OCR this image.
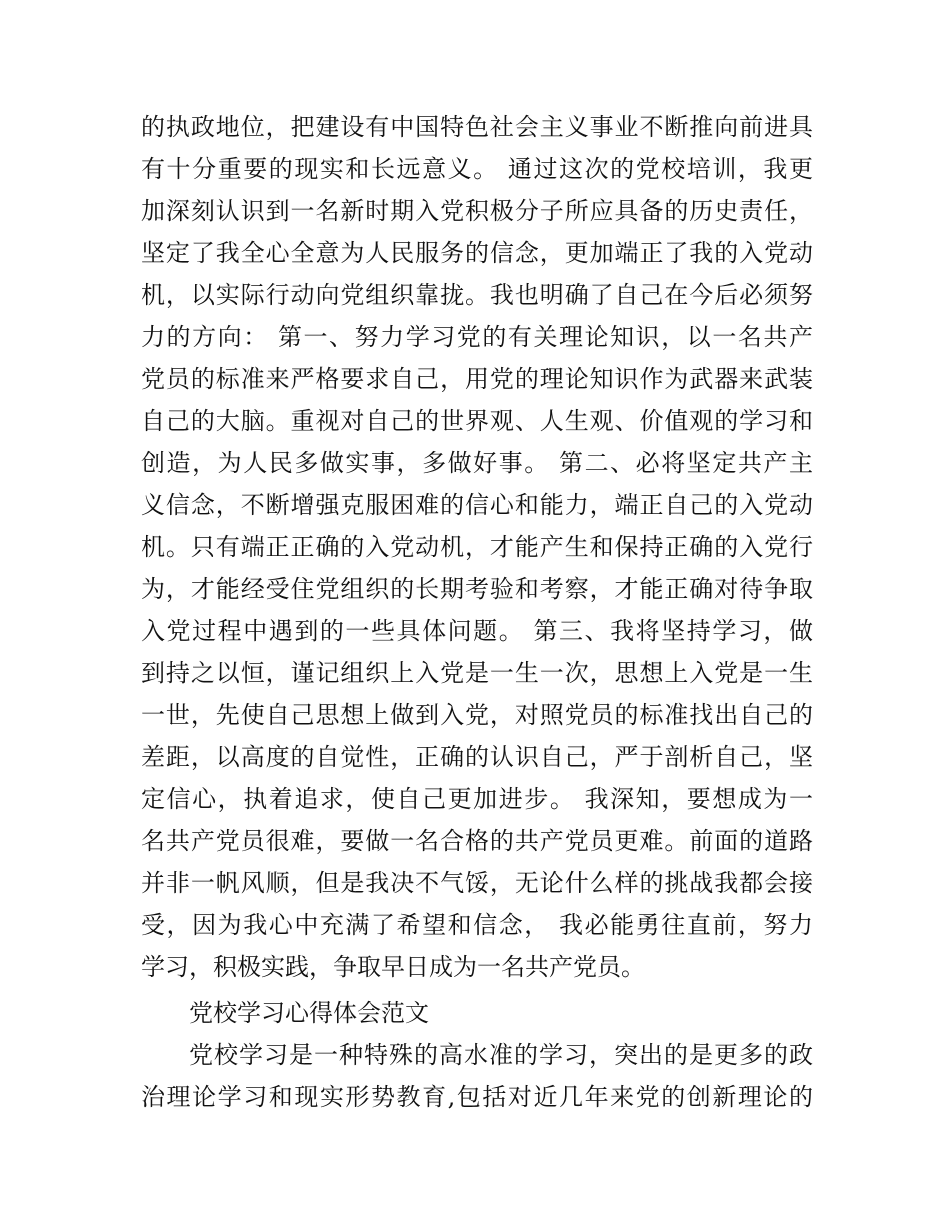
的执政地位，把建设有中国特色社会主义事业不断推向前进具
有十分重要的现实和长远意义。 通过这次的党校培训，我更
加深刻认识到一名新时期入党积极分子所应具备的历史责任，
坚定了我全心全意为人民服务的信念，更加端正了我的入党动
机，以实际行动向党组织靠拢。我也明确了自己在今后必须努
力的方向： 第一、努力学习党的有关理论知识，以一名共产
党员的标准来严格要求自己，用党的理论知识作为武器来武装
自己的大脑。重视对自己的世界观、人生观、价值观的学习和
创造，为人民多做实事，多做好事。 第二、必将坚定共产主
义信念，不断增强克服困难的信心和能力，端正自己的入党动
机。只有端正正确的入党动机，才能产生和保持正确的入党行
为，才能经受住党组织的长期考验和考察，才能正确对待争取
入党过程中遇到的一些具体问题。 第三、我将坚持学习，做
到持之以恒，谨记组织上入党是一生一次，思想上入党是一生
一世，先使自己思想上做到入党，对照党员的标准找出自己的
差距，以高度的自觉性，正确的认识自己，严于剖析自己，坚
定信心，执着追求，使自己更加进步。 我深知，要想成为一
名共产党员很难，要做一名合格的共产党员更难。前面的道路
并非一帆风顺，但是我决不气馁，无论什么样的挑战我都会接
受，因为我心中充满了希望和信念， 我必能勇往直前，努力
学习，积极实践，争取早日成为一名共产党员。
党校学习心得体会范文
党校学习是一种特殊的高水准的学习，突出的是更多的政
治理论学习和现实形势教育,包括对近几年来党的创新理论的
